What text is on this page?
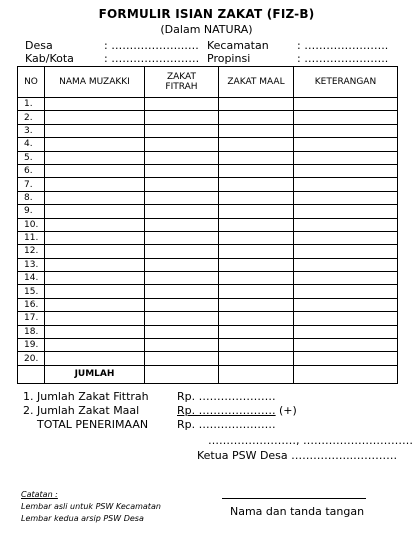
FORMULIR ISIAN ZAKAT (FIZ-B)
(Dalam NATURA)
Desa	: ………………..…. Kecamatan	: …………………..
Kab/Kota	: …………………… Propinsi	: …………………..
NO	NAMA MUZAKKI	ZAKAT FITRAH	ZAKAT MAAL	KETERANGAN
1.				
2.				
3.				
4.				
5.				
6.				
7.				
8.				
9.				
10.				
11.				
12.				
13.				
14.				
15.				
16.				
17.				
18.				
19.				
20.				
	JUMLAH			
1. Jumlah Zakat Fittrah	Rp. …………………
2. Jumlah Zakat Maal	Rp. ………………… (+)
TOTAL PENERIMAAN	Rp. …………………
……………………, …………………………
Ketua PSW Desa ……………..…………
Nama dan tanda tangan
Catatan :
Lembar asli untuk PSW Kecamatan
Lembar kedua arsip PSW Desa
